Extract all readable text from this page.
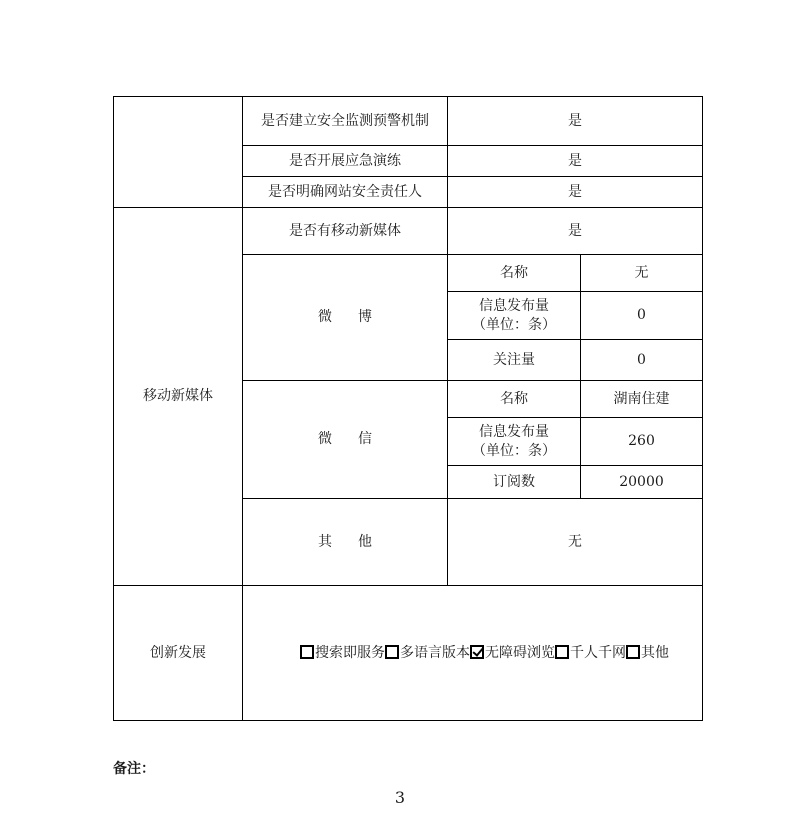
	是否建立安全监测预警机制	是	
	是否开展应急演练	是	
	是否明确网站安全责任人	是	
移动新媒体	是否有移动新媒体	是	
	微 博	名称	无
		信息发布量
（单位：条）	0
		关注量	0
	微 信	名称	湖南住建
		信息发布量
（单位：条）	260
		订阅数	20000
	其 他	无	
创新发展	搜索即服务 多语言版本 无障碍浏览 千人千网 其他		
备注：
3
